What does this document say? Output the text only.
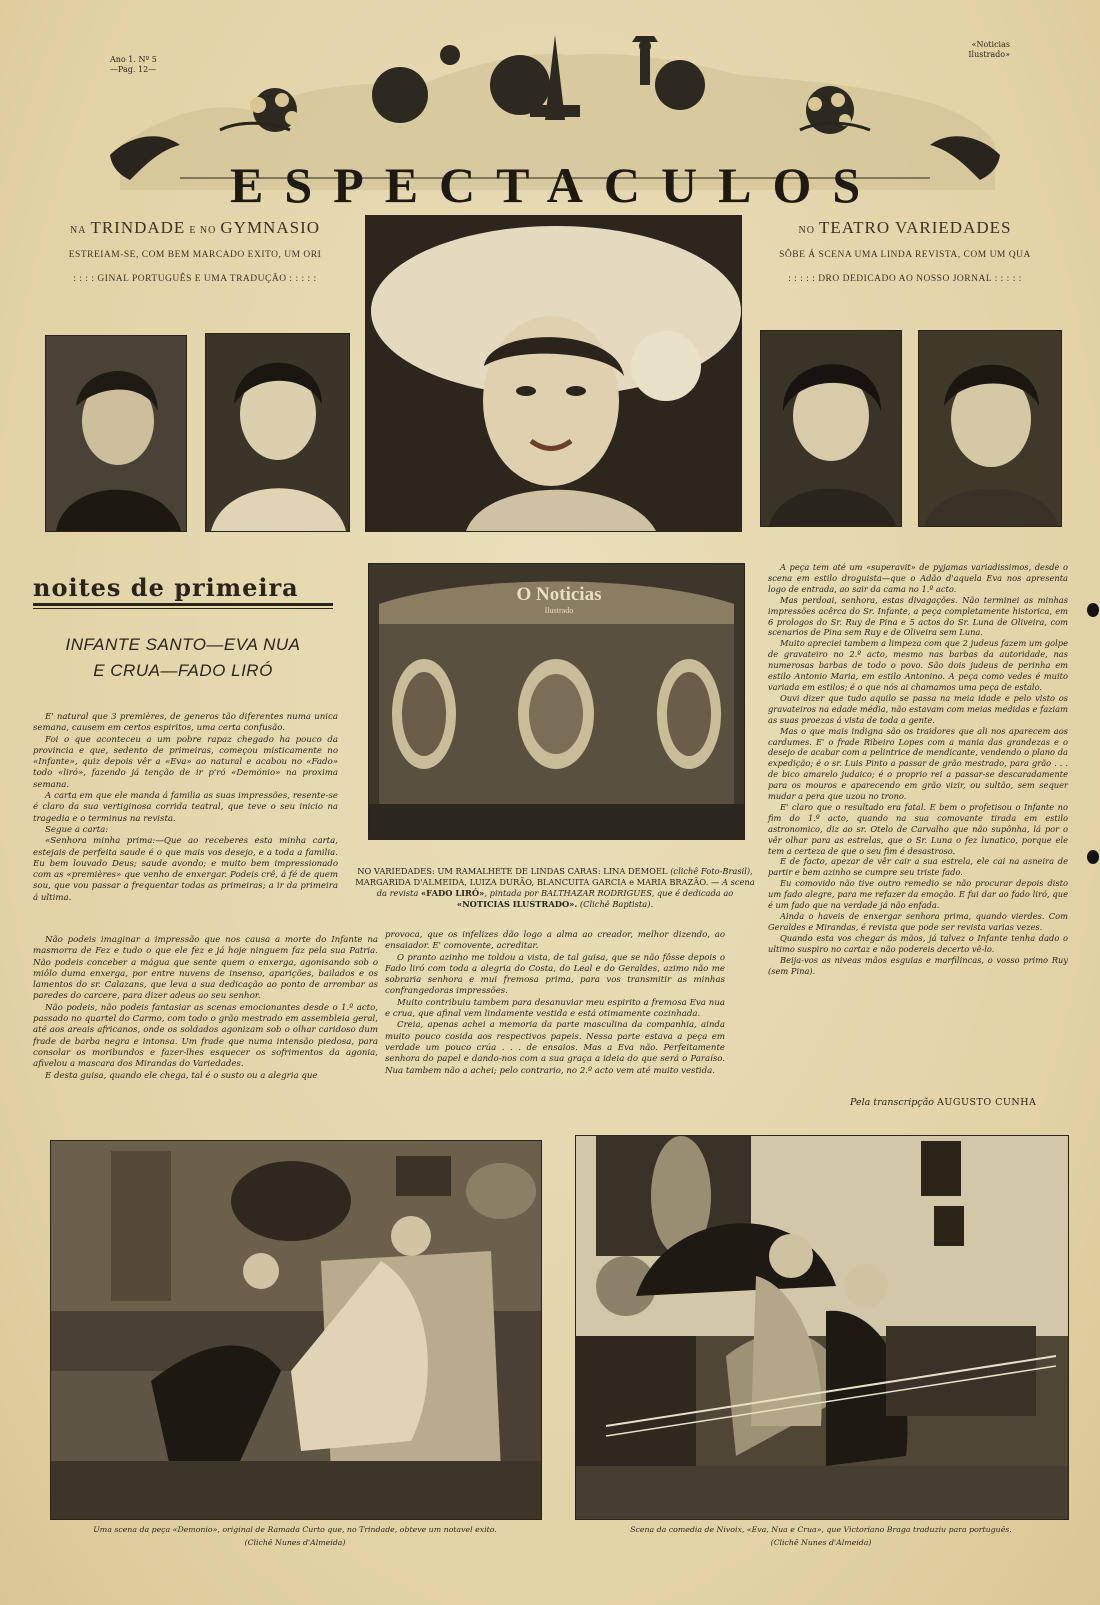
Ano 1. Nº 5
—Pag. 12—
«Noticias
Ilustrado»
ESPECTACULOS
NA TRINDADE E NO GYMNASIO
ESTREIAM-SE, COM BEM MARCADO EXITO, UM ORI
: : : : GINAL PORTUGUÊS E UMA TRADUÇÃO : : : : :
NO TEATRO VARIEDADES
SÔBE Á SCENA UMA LINDA REVISTA, COM UM QUA
: : : : : DRO DEDICADO AO NOSSO JORNAL : : : : :
noites de primeira
INFANTE SANTO—EVA NUA
E CRUA—FADO LIRÓ
O Noticias
Ilustrado
NO VARIEDADES: UM RAMALHETE DE LINDAS CARAS: LINA DEMOEL (clichê Foto-Brasil), MARGARIDA D'ALMEIDA, LUIZA DURÃO, BLANCUITA GARCIA e MARIA BRAZÃO. — A scena da revista «FADO LIRÓ», pintada por BALTHAZAR RODRIGUES, que é dedicada ao «NOTICIAS ILUSTRADO». (Clichê Baptista).

E' natural que 3 premières, de generos tão diferentes numa unica semana, causem em certos espiritos, uma certa confusão.

Foi o que aconteceu a um pobre rapaz chegado ha pouco da provincia e que, sedento de primeiras, começou misticamente no «Infante», quiz depois vêr a «Eva» ao natural e acabou no «Fado» todo «liró», fazendo já tenção de ir p'ró «Demónio» na proxima semana.

A carta em que ele manda á familia as suas impressões, resente-se é claro da sua vertiginosa corrida teatral, que teve o seu inicio na tragedia e o terminus na revista.

Segue a carta:

«Senhora minha prima:—Que ao receberes esta minha carta, estejais de perfeita saude é o que mais vos desejo, e a toda a familia. Eu bem louvado Deus; saude avondo; e muito bem impressionado com as «premières» que venho de enxergar. Podeis crê, á fé de quem sou, que vou passar a frequentar todas as primeiras; a ir da primeira á ultima.

Não podeis imaginar a impressão que nos causa a morte do Infante na masmorra de Fez e tudo o que ele fez e já hoje ninguem faz pela sua Patria. Não podeis conceber a mágua que sente quem o enxerga, agonisando sob o miôlo duma enxerga, por entre nuvens de insenso, aparições, bailados e os lamentos do sr. Calazans, que leva a sua dedicação ao ponto de arrombar as paredes do carcere, para dizer adeus ao seu senhor.

Não podeis, não podeis fantasiar as scenas emocionantes desde o 1.º acto, passado no quartel do Carmo, com todo o grão mestrado em assembleia geral, até aos areais africanos, onde os soldados agonizam sob o olhar caridoso dum frade de barba negra e intonsa. Um frade que numa intensão piedosa, para consolar os moribundos e fazer-lhes esquecer os sofrimentos da agonia, afivelou a mascara dos Mirandas do Variedades.

E desta guisa, quando ele chega, tal é o susto ou a alegria que

provoca, que os infelizes dão logo a alma ao creador, melhor dizendo, ao ensaiador. E' comovente, acreditar.

O pranto azinho me toldou a vista, de tal guisa, que se não fôsse depois o Fado liró com toda a alegria do Costa, do Leal e do Geraldes, azimo não me sobraria senhora e mui fremosa prima, para vos transmitir as minhas confrangedoras impressões.

Muito contribuiu tambem para desanuviar meu espirito a fremosa Eva nua e crua, que afinal vem lindamente vestida e está otimamente cozinhada.

Creia, apenas achei a memoria da parte masculina da companhia, ainda muito pouco cosida aos respectivos papeis. Nessa parte estava a peça em verdade um pouco crúa . . . de ensaios. Mas a Eva não. Perfeitamente senhora do papel e dando-nos com a sua graça a ideia do que será o Paraíso. Nua tambem não a achei; pelo contrario, no 2.º acto vem até muito vestida.

A peça tem até um «superavit» de pyjamas variadissimos, desde o scena em estilo droguista—que o Adão d'aquela Eva nos apresenta logo de entrada, ao sair da cama no 1.º acto.

Mas perdoai, senhora, estas divagações. Não terminei as minhas impressões acêrca do Sr. Infante, a peça completamente historica, em 6 prologos do Sr. Ruy de Pina e 5 actos do Sr. Luna de Oliveira, com scenarios de Pina sem Ruy e de Oliveira sem Luna.

Muito apreciei tambem a limpeza com que 2 judeus fazem um golpe de gravateiro no 2.º acto, mesmo nas barbas da autoridade, nas numerosas barbas de todo o povo. São dois judeus de perinha em estilo Antonio Maria, em estilo Antonino. A peça como vedes é muito variada em estilos; é o que nós ai chamamos uma peça de estalo.

Ouvi dizer que tudo aquilo se passa na meia idade e pelo visto os gravateiros na edade média, não estavam com meias medidas e faziam as suas proezas á vista de toda a gente.

Mas o que mais indigna são os traidores que ali nos aparecem aos cardumes. E' o frade Ribeiro Lopes com a mania das grandezas e o desejo de acabar com a pelintrice de mendicante, vendendo o plano da expedição; é o sr. Luis Pinto a passar de grão mestrado, para grão . . . de bico amarelo judaico; é o proprio rei a passar-se descaradamente para os mouros e aparecendo em grão vizir, ou sultão, sem sequer mudar a pera que uzou no trono.

E' claro que o resultado era fatal. E bem o profetisou o Infante no fim do 1.º acto, quando na sua comovante tirada em estilo astronomico, diz ao sr. Otelo de Carvalho que não supônha, lá por o vêr olhar para as estrelas, que o Sr. Luna o fez lunatico, porque ele tem a certeza de que o seu fim é desastroso.

E de facto, apezar de vêr cair a sua estrela, ele cai na asneira de partir e bem azinho se cumpre seu triste fado.

Eu comovido não tive outro remedio se não procurar depois disto um fado alegre, para me refazer da emoção. E fui dar ao fado liró, que é um fado que na verdade já não enfada.

Ainda o haveis de enxergar senhora prima, quando vierdes. Com Geraldes e Mirandas, é revista que pode ser revista varias vezes.

Quando esta vos chegar ás mãos, já talvez o Infante tenha dado o ultimo suspiro no cartaz e não podereis decerto vê-lo.

Beija-vos as niveas mãos esguias e marfilincas, o vosso primo Ruy (sem Pina).

Pela transcripção AUGUSTO CUNHA
Uma scena da peça «Demonio», original de Ramada Curto que, no Trindade, obteve um notavel exito.
(Clichê Nunes d'Almeida)
Scena da comedia de Nivoix, «Eva, Nua e Crua», que Victoriano Braga traduziu para português.
(Clichê Nunes d'Almeida)
